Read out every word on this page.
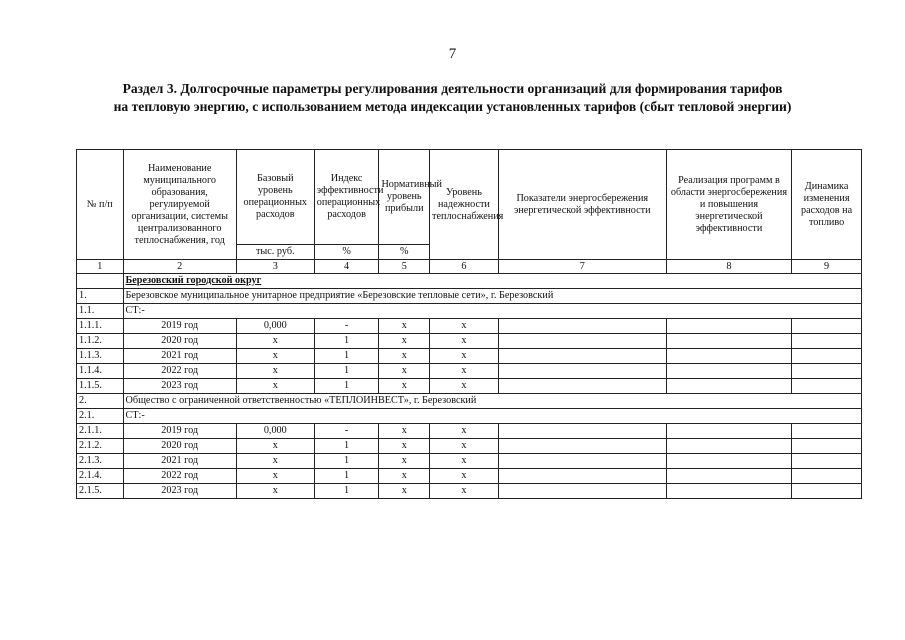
7
Раздел 3. Долгосрочные параметры регулирования деятельности организаций для формирования тарифов
на тепловую энергию, с использованием метода индексации установленных тарифов (сбыт тепловой энергии)
№ п/п	Наименование муниципального образования, регулируемой организации, системы централизованного теплоснабжения, год	Базовый уровень операционных расходов	Индекс эффективности операционных расходов	Нормативный уровень прибыли	Уровень надежности теплоснабжения	Показатели энергосбережения энергетической эффективности	Реализация программ в области энергосбережения и повышения энергетической эффективности	Динамика изменения расходов на топливо
		тыс. руб.	%	%				
1	2	3	4	5	6	7	8	9
	Березовский городской округ							
1.	Березовское муниципальное унитарное предприятие «Березовские тепловые сети», г. Березовский							
1.1.	СТ:-							
1.1.1.	2019 год	0,000	-	x	x			
1.1.2.	2020 год	x	1	x	x			
1.1.3.	2021 год	x	1	x	x			
1.1.4.	2022 год	x	1	x	x			
1.1.5.	2023 год	x	1	x	x			
2.	Общество с ограниченной ответственностью «ТЕПЛОИНВЕСТ», г. Березовский							
2.1.	СТ:-							
2.1.1.	2019 год	0,000	-	x	x			
2.1.2.	2020 год	x	1	x	x			
2.1.3.	2021 год	x	1	x	x			
2.1.4.	2022 год	x	1	x	x			
2.1.5.	2023 год	x	1	x	x			
